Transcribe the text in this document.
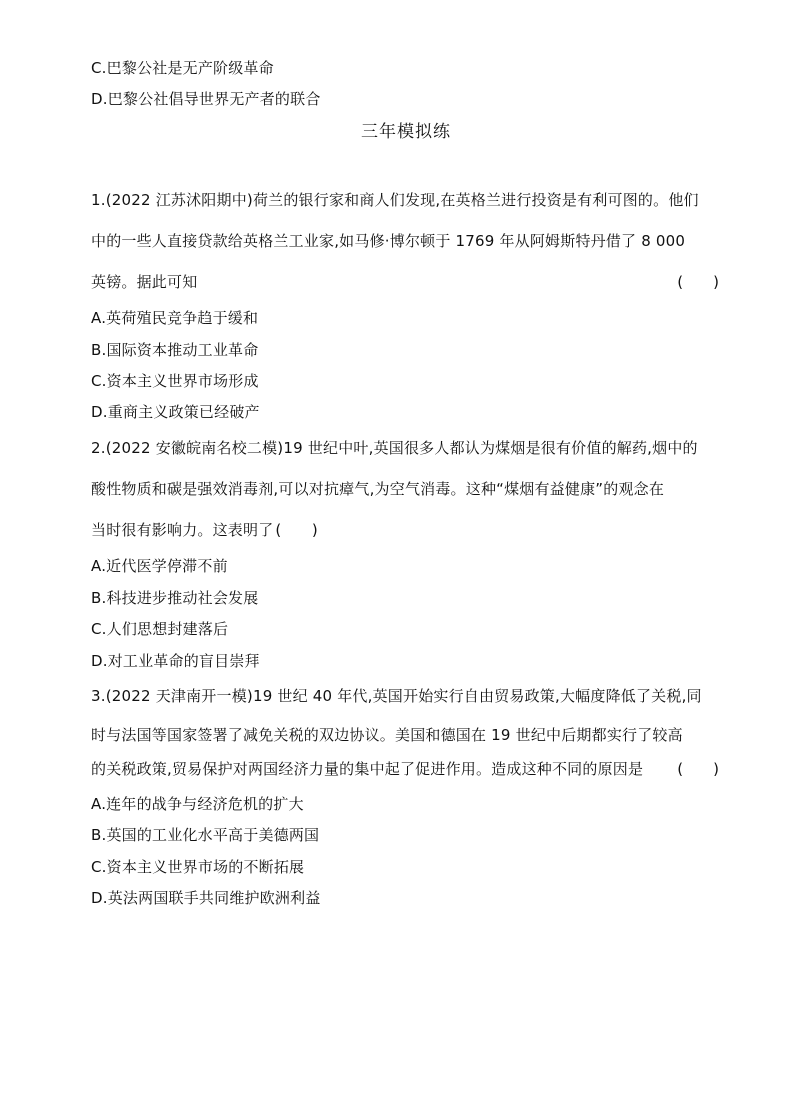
C.巴黎公社是无产阶级革命
D.巴黎公社倡导世界无产者的联合
三年模拟练
1.(2022 江苏沭阳期中)荷兰的银行家和商人们发现,在英格兰进行投资是有利可图的。他们
中的一些人直接贷款给英格兰工业家,如马修·博尔顿于 1769 年从阿姆斯特丹借了 8 000
英镑。据此可知	(　　)
A.英荷殖民竞争趋于缓和
B.国际资本推动工业革命
C.资本主义世界市场形成
D.重商主义政策已经破产
2.(2022 安徽皖南名校二模)19 世纪中叶,英国很多人都认为煤烟是很有价值的解药,烟中的
酸性物质和碳是强效消毒剂,可以对抗瘴气,为空气消毒。这种“煤烟有益健康”的观念在
当时很有影响力。这表明了 (　　)
A.近代医学停滞不前
B.科技进步推动社会发展
C.人们思想封建落后
D.对工业革命的盲目崇拜
3.(2022 天津南开一模)19 世纪 40 年代,英国开始实行自由贸易政策,大幅度降低了关税,同
时与法国等国家签署了减免关税的双边协议。美国和德国在 19 世纪中后期都实行了较高
的关税政策,贸易保护对两国经济力量的集中起了促进作用。造成这种不同的原因是	(　　)
A.连年的战争与经济危机的扩大
B.英国的工业化水平高于美德两国
C.资本主义世界市场的不断拓展
D.英法两国联手共同维护欧洲利益
